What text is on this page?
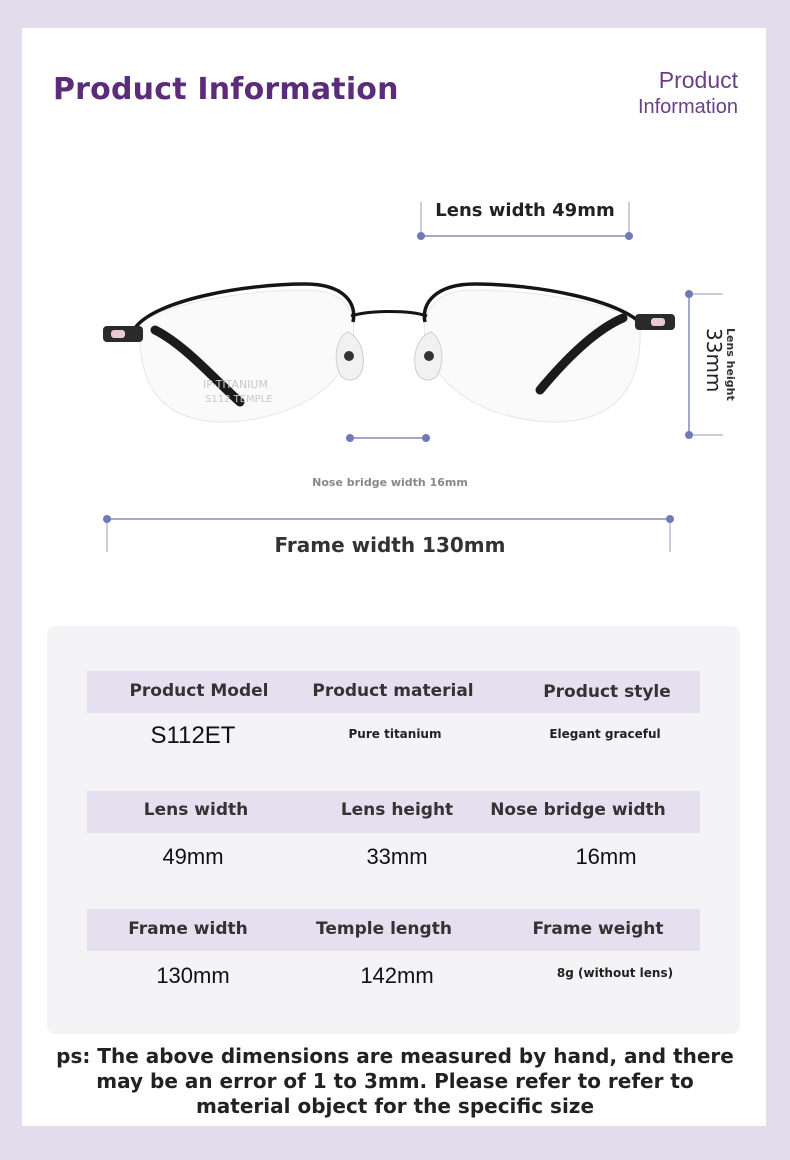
Product Information	Product
Information
Lens width 49mm
Nose bridge width 16mm
Frame width 130mm
Lens height
33mm
IP-TITANIUM
S112 TEMPLE
Product Model	Product material	Product style
S112ET	Pure titanium	Elegant graceful
Lens width	Lens height	Nose bridge width
49mm	33mm	16mm
Frame width	Temple length	Frame weight
130mm	142mm	8g (without lens)
ps: The above dimensions are measured by hand, and there
may be an error of 1 to 3mm. Please refer to refer to
material object for the specific size
